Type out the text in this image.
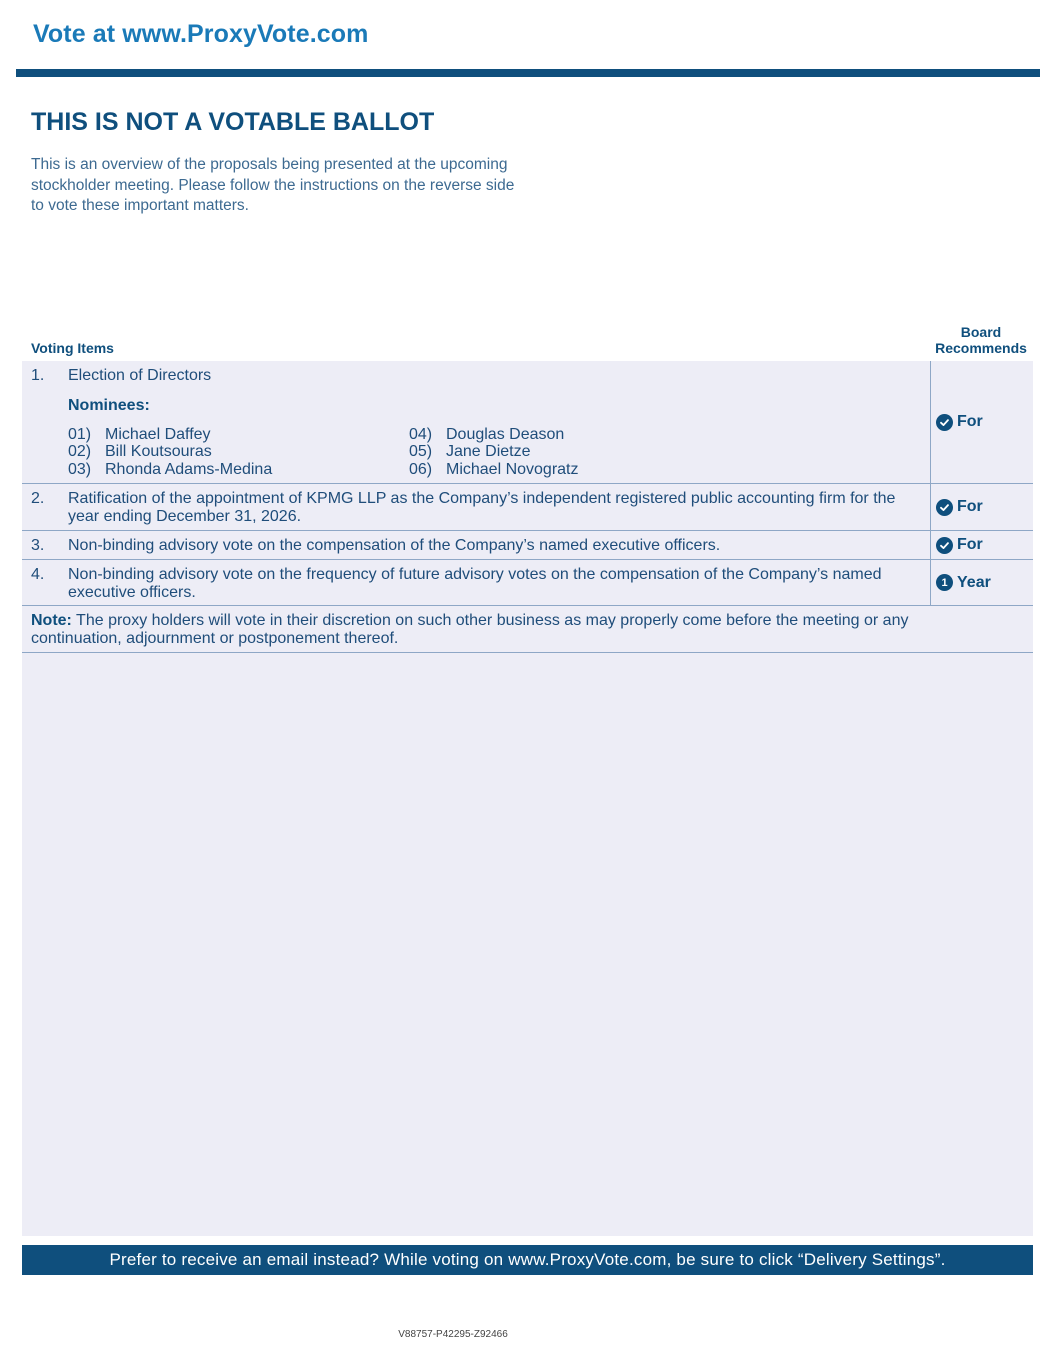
Vote at www.ProxyVote.com
THIS IS NOT A VOTABLE BALLOT
This is an overview of the proposals being presented at the upcoming stockholder meeting. Please follow the instructions on the reverse side to vote these important matters.
Voting Items
Board
Recommends
1. Election of Directors
Nominees:
01) Michael Daffey
02) Bill Koutsouras
03) Rhonda Adams-Medina
04) Douglas Deason
05) Jane Dietze
06) Michael Novogratz
For
2. Ratification of the appointment of KPMG LLP as the Company’s independent registered public accounting firm for the year ending December 31, 2026.
For
3. Non-binding advisory vote on the compensation of the Company’s named executive officers.	For
4. Non-binding advisory vote on the frequency of future advisory votes on the compensation of the Company’s named executive officers.
1 Year
Note: The proxy holders will vote in their discretion on such other business as may properly come before the meeting or any continuation, adjournment or postponement thereof.
Prefer to receive an email instead? While voting on www.ProxyVote.com, be sure to click “Delivery Settings”.
V88757-P42295-Z92466
